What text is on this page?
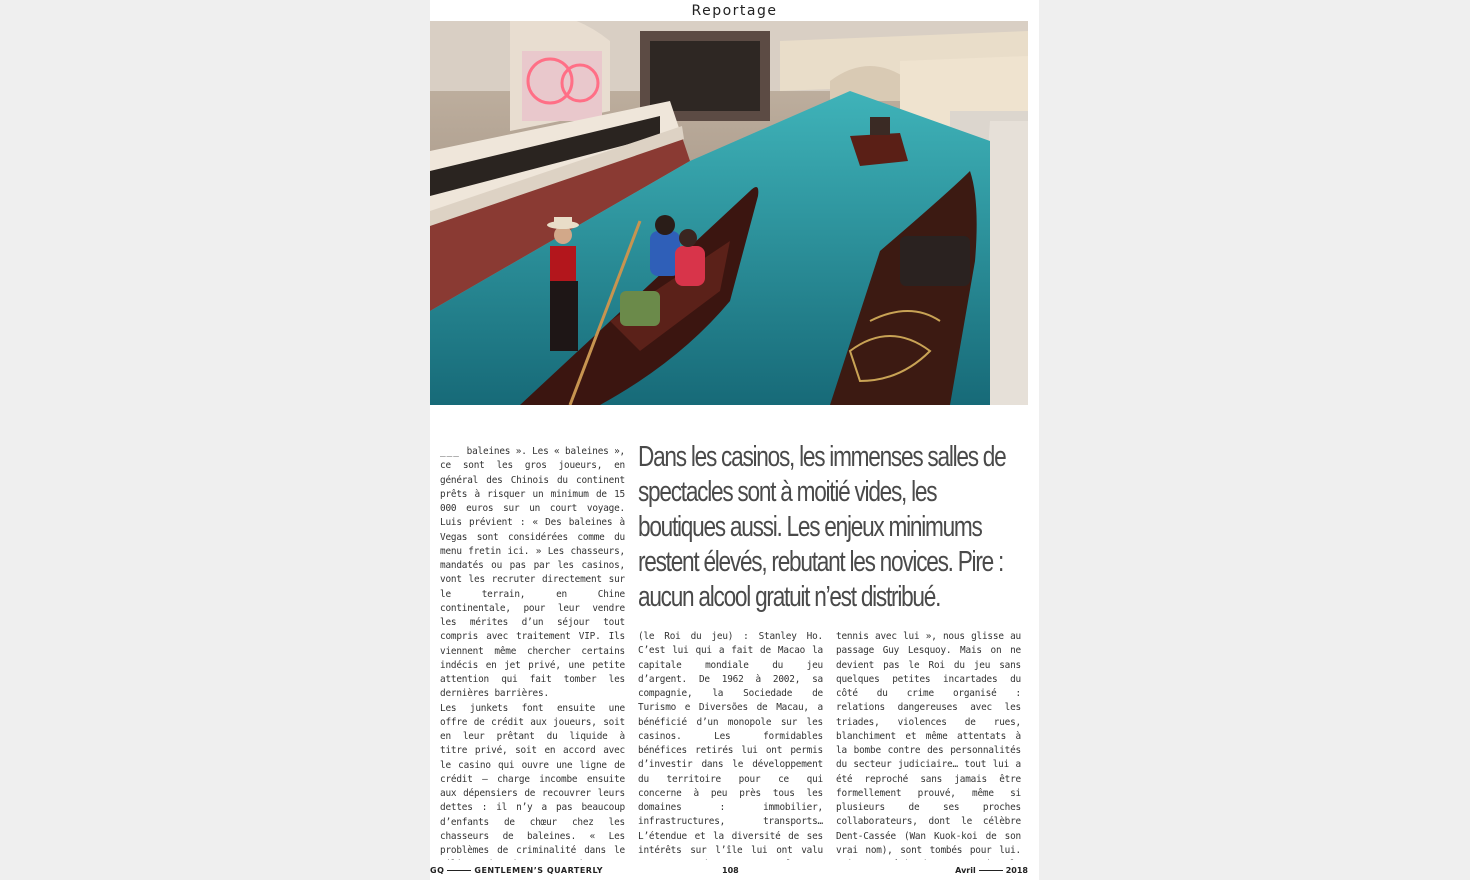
Reportage

___ baleines ». Les « baleines », ce sont les gros joueurs, en général des Chinois du continent prêts à risquer un minimum de 15 000 euros sur un court voyage. Luis prévient : « Des baleines à Vegas sont considérées comme du menu fretin ici. » Les chasseurs, mandatés ou pas par les casinos, vont les recruter directement sur le terrain, en Chine continentale, pour leur vendre les mérites d’un séjour tout compris avec traitement VIP. Ils viennent même chercher certains indécis en jet privé, une petite attention qui fait tomber les dernières barrières.

Les junkets font ensuite une offre de crédit aux joueurs, soit en leur prêtant du liquide à titre privé, soit en accord avec le casino qui ouvre une ligne de crédit – charge incombe ensuite aux dépensiers de recouvrer leurs dettes : il n’y a pas beaucoup d’enfants de chœur chez les chasseurs de baleines. « Les problèmes de criminalité dans le

Dans les casinos, les immenses salles de spectacles sont à moitié vides, les boutiques aussi. Les enjeux minimums restent élevés, rebutant les novices. Pire : aucun alcool gratuit n’est distribué.

(le Roi du jeu) : Stanley Ho. C’est lui qui a fait de Macao la capitale mondiale du jeu d’argent. De 1962 à 2002, sa compagnie, la Sociedade de Turismo e Diversões de Macau, a bénéficié d’un monopole sur les casinos. Les formidables bénéfices retirés lui ont permis d’investir dans le développement du territoire pour ce qui concerne à peu près tous les domaines : immobilier, infrastructures, transports… L’étendue et la diversité de ses intérêts sur l’île lui ont valu

tennis avec lui », nous glisse au passage Guy Lesquoy. Mais on ne devient pas le Roi du jeu sans quelques petites incartades du côté du crime organisé : relations dangereuses avec les triades, violences de rues, blanchiment et même attentats à la bombe contre des personnalités du secteur judiciaire… tout lui a été reproché sans jamais être formellement prouvé, même si plusieurs de ses proches collaborateurs, dont le célèbre Dent-Cassée (Wan Kuok-koi de son vrai nom), sont tombés pour lui.

GQ	GENTLEMEN’S QUARTERLY	108	Avril	2018
